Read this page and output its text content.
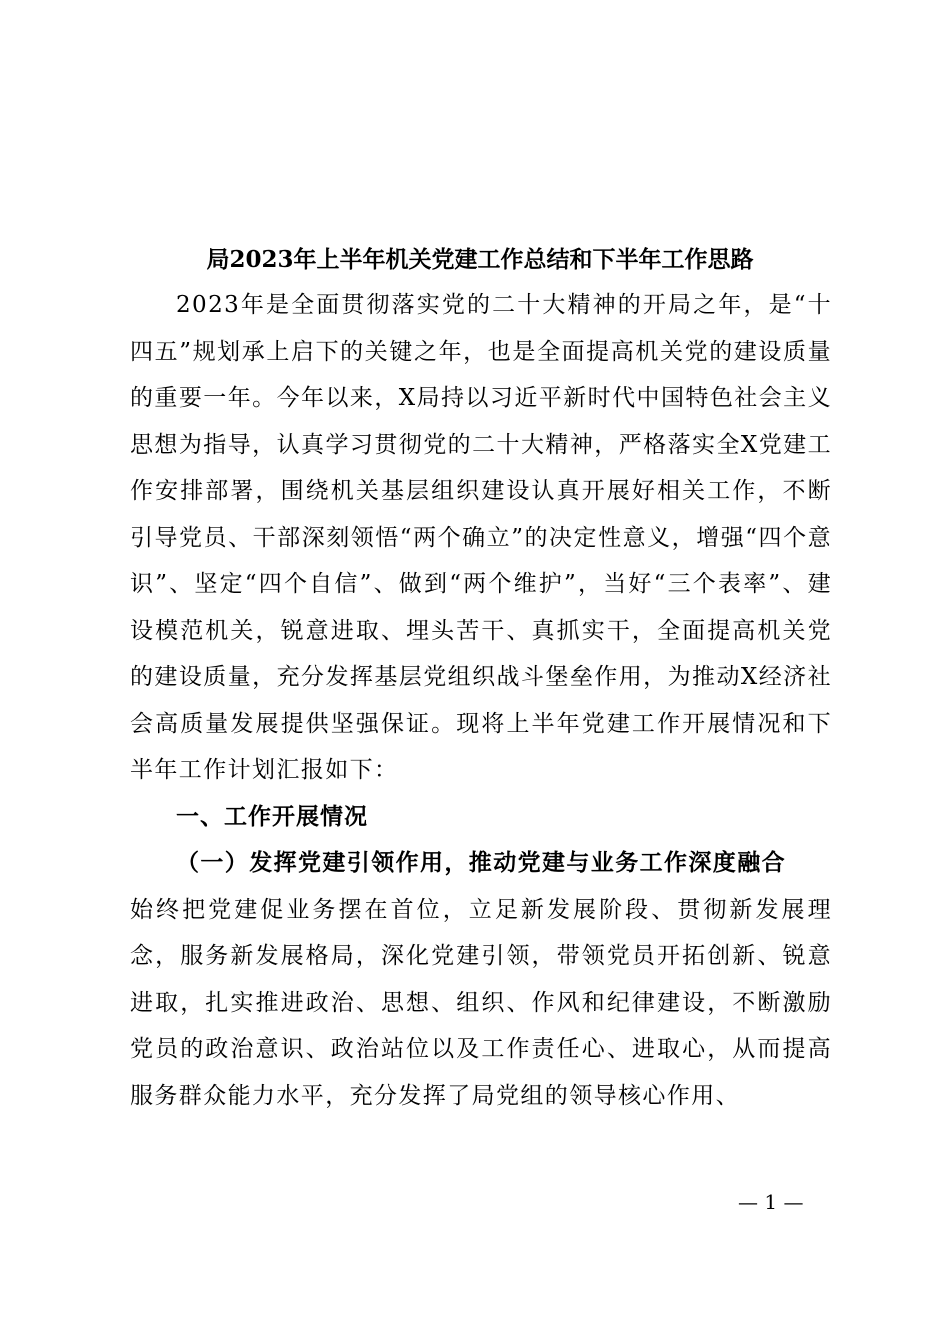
局2023年上半年机关党建工作总结和下半年工作思路

2023年是全面贯彻落实党的二十大精神的开局之年，是“十四五”规划承上启下的关键之年，也是全面提高机关党的建设质量的重要一年。今年以来，X局持以习近平新时代中国特色社会主义思想为指导，认真学习贯彻党的二十大精神，严格落实全X党建工作安排部署，围绕机关基层组织建设认真开展好相关工作，不断引导党员、干部深刻领悟“两个确立”的决定性意义，增强“四个意识”、坚定“四个自信”、做到“两个维护”，当好“三个表率”、建设模范机关，锐意进取、埋头苦干、真抓实干，全面提高机关党的建设质量，充分发挥基层党组织战斗堡垒作用，为推动X经济社会高质量发展提供坚强保证。现将上半年党建工作开展情况和下半年工作计划汇报如下：

一、工作开展情况

（一）发挥党建引领作用，推动党建与业务工作深度融合

始终把党建促业务摆在首位，立足新发展阶段、贯彻新发展理念，服务新发展格局，深化党建引领，带领党员开拓创新、锐意进取，扎实推进政治、思想、组织、作风和纪律建设，不断激励党员的政治意识、政治站位以及工作责任心、进取心，从而提高服务群众能力水平，充分发挥了局党组的领导核心作用、

— 1 —
